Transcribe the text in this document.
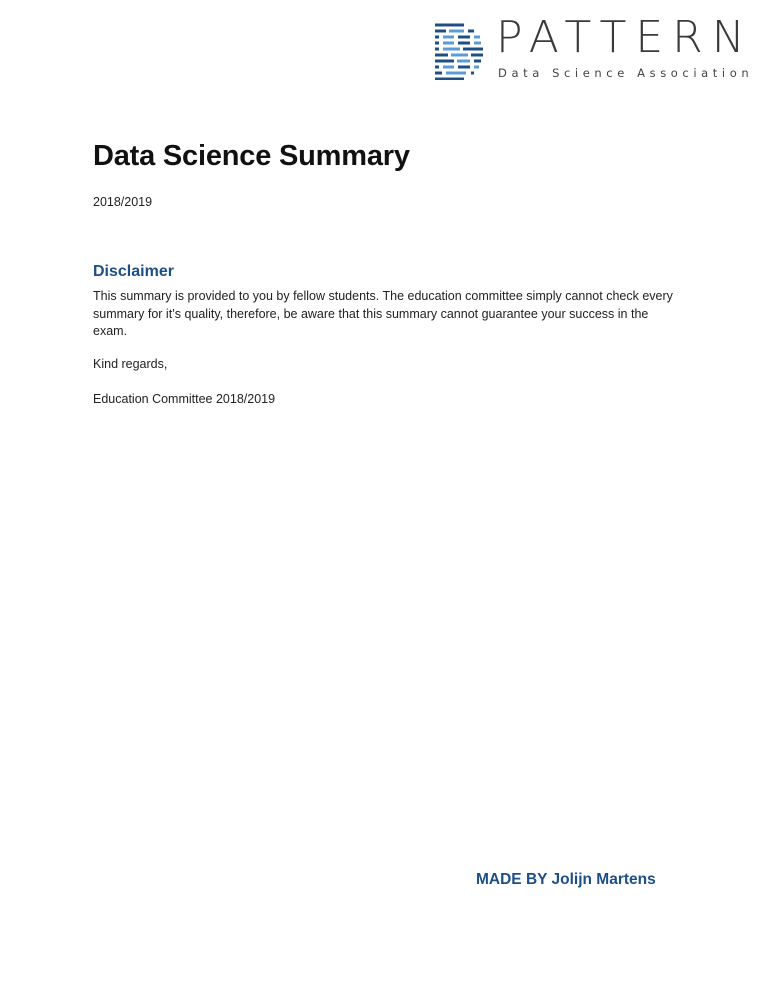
PATTERN
Data Science Association
Data Science Summary
2018/2019
Disclaimer

This summary is provided to you by fellow students. The education committee simply cannot check every summary for it’s quality, therefore, be aware that this summary cannot guarantee your success in the exam.

Kind regards,
Education Committee 2018/2019
MADE BY Jolijn Martens
